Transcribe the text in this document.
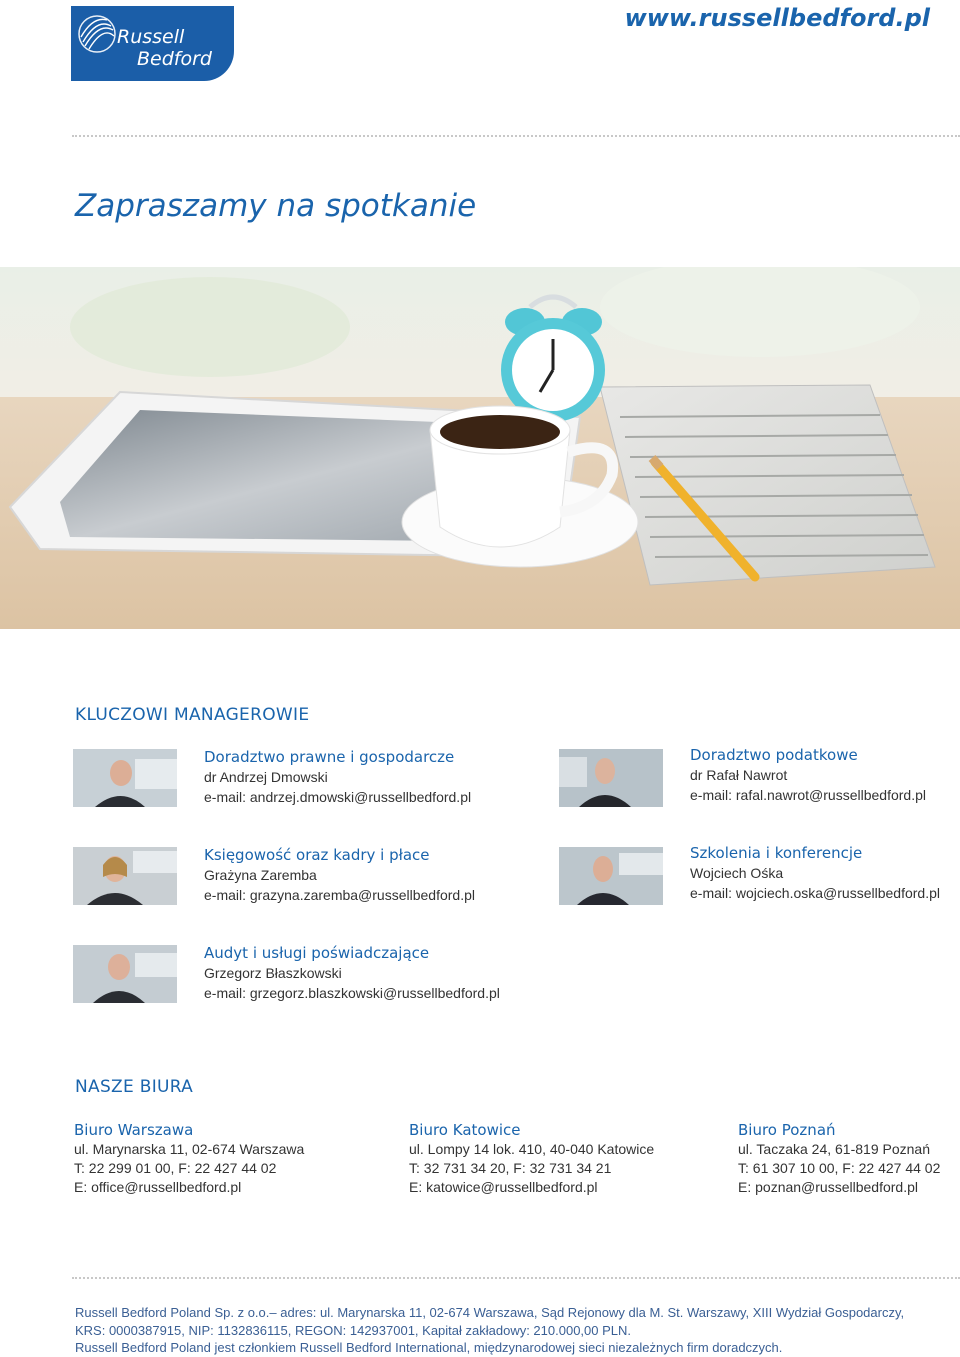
Russell
Bedford
www.russellbedford.pl
Zapraszamy na spotkanie
KLUCZOWI MANAGEROWIE
Doradztwo prawne i gospodarcze
dr Andrzej Dmowski
e-mail: andrzej.dmowski@russellbedford.pl
Doradztwo podatkowe
dr Rafał Nawrot
e-mail: rafal.nawrot@russellbedford.pl
Księgowość oraz kadry i płace
Grażyna Zaremba
e-mail: grazyna.zaremba@russellbedford.pl
Szkolenia i konferencje
Wojciech Ośka
e-mail: wojciech.oska@russellbedford.pl
Audyt i usługi poświadczające
Grzegorz Błaszkowski
e-mail: grzegorz.blaszkowski@russellbedford.pl
NASZE BIURA
Biuro Warszawa
ul. Marynarska 11, 02-674 Warszawa
T: 22 299 01 00, F: 22 427 44 02
E: office@russellbedford.pl
Biuro Katowice
ul. Lompy 14 lok. 410, 40-040 Katowice
T: 32 731 34 20, F: 32 731 34 21
E: katowice@russellbedford.pl
Biuro Poznań
ul. Taczaka 24, 61-819 Poznań
T: 61 307 10 00, F: 22 427 44 02
E: poznan@russellbedford.pl
Russell Bedford Poland Sp. z o.o.– adres: ul. Marynarska 11, 02-674 Warszawa, Sąd Rejonowy dla M. St. Warszawy, XIII Wydział Gospodarczy,
KRS: 0000387915, NIP: 1132836115, REGON: 142937001, Kapitał zakładowy: 210.000,00 PLN.
Russell Bedford Poland jest członkiem Russell Bedford International, międzynarodowej sieci niezależnych firm doradczych.
